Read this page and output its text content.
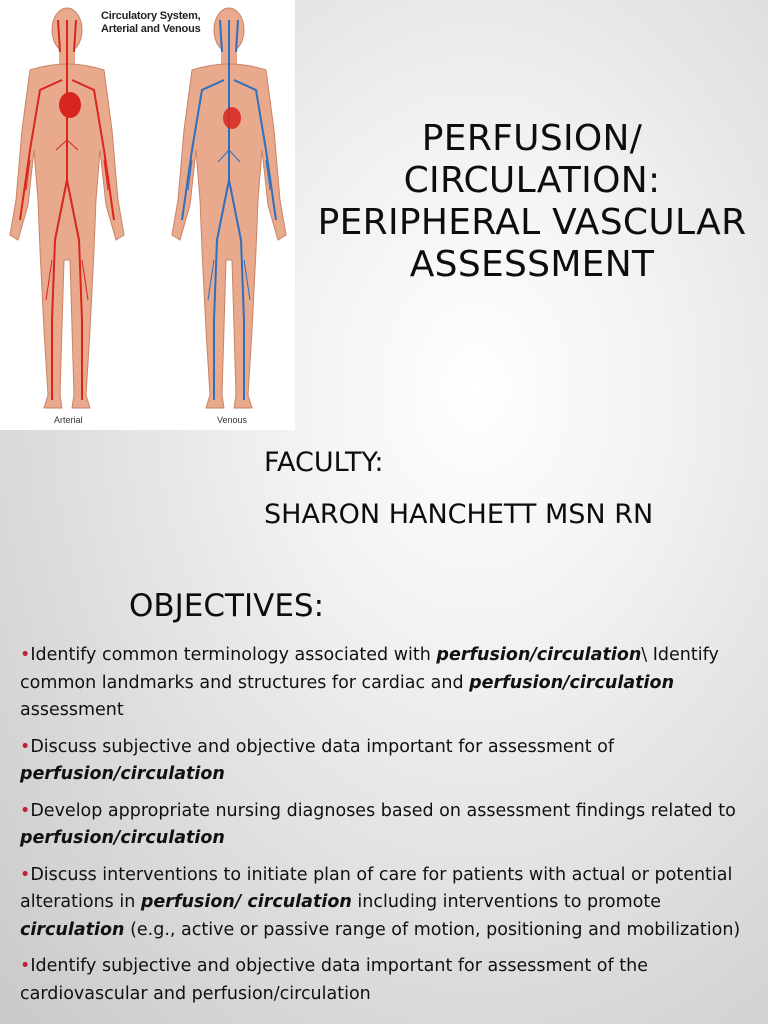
Circulatory System,
Arterial and Venous
Arterial	Venous
PERFUSION/
CIRCULATION:
PERIPHERAL VASCULAR
ASSESSMENT
FACULTY:
SHARON HANCHETT MSN RN
OBJECTIVES:
•Identify common terminology associated with perfusion/circulation\ Identify common landmarks and structures for cardiac and perfusion/circulation assessment
•Discuss subjective and objective data important for assessment of perfusion/circulation
•Develop appropriate nursing diagnoses based on assessment findings related to perfusion/circulation
•Discuss interventions to initiate plan of care for patients with actual or potential alterations in perfusion/ circulation including interventions to promote circulation (e.g., active or passive range of motion, positioning and mobilization)
•Identify subjective and objective data important for assessment of the cardiovascular and perfusion/circulation
